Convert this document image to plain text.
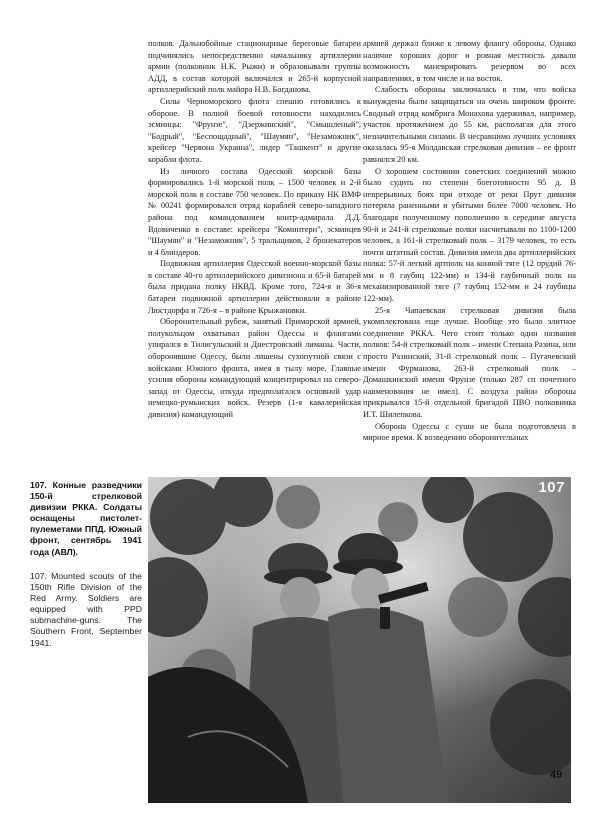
полков. Дальнобойные стационарные береговые батареи подчинялись непосредственно начальнику артиллерии армии (полковник Н.К. Рыжи) и образовывали группы АДД, в состав которой включался и 265-й корпусной артиллерийский полк майора Н.В. Богданова.

Силы Черноморского флота спешно готовились к обороне. В полной боевой готовности находились эсминцы: "Фрунзе", "Дзержинский", "Смышленый", "Бодрый", "Беспощадный", "Шаумян", "Незаможник", крейсер "Червона Украина", лидер "Ташкент" и другие корабли флота.

Из личного состава Одесской морской базы формировались 1-й морской полк – 1500 человек и 2-й морской полк в составе 750 человек. По приказу НК ВМФ № 00241 формировался отряд кораблей северо-западного района под командованием контр-адмирала Д.Д. Вдовиченко в составе: крейсера "Коминтерн", эсминцев "Шаумян" и "Незаможник", 5 тральщиков, 2 бронекатеров и 4 блиндеров.

Подвижная артиллерия Одесской военно-морской базы в составе 40-го артиллерийского дивизиона и 65-й батарей была придана полку НКВД. Кроме того, 724-я и 36-я батареи подвижной артиллерии действовали в районе Люстдорфа и 726-я – в районе Крыжановки.

Оборонительный рубеж, занятый Приморской армией, полукольцом охватывал район Одессы и флангами упирался в Тилигульский и Днестровский лиманы. Части, оборонявшие Одессу, были лишены сухопутной связи с войсками Южного фронта, имея в тылу море. Главные усилия обороны командующий концентрировал на северо-запад от Одессы, откуда предполагался основной удар немецко-румынских войск. Резерв (1-я кавалерийская дивизия) командующий

армией держал ближе к левому флангу обороны. Однако наличие хороших дорог и ровная местность давали возможность маневрировать резервом во всех направлениях, в том числе и на восток.

Слабость обороны заключалась в том, что войска вынуждены были защищаться на очень широком фронте. Сводный отряд комбрига Монахова удерживал, например, участок протяжением до 55 км, располагая для этого незначительными силами. В несравнимо лучших условиях оказалась 95-я Молдавская стрелковая дивизия – ее фронт равнялся 20 км.

О хорошем состоянии советских соединений можно было судить по степени боеготовности 95 д. В непрерывных боях при отходе от реки Прут дивизия потеряла раненными и убитыми более 7000 человек. Но благодаря полученному пополнению в середине августа 90-й и 241-й стрелковые полки насчитывали по 1100-1200 человек, а 161-й стрелковый полк – 3179 человек, то есть почти штатный состав. Дивизия имела два артиллерийских полка: 57-й легкий артполк на конной тяге (12 орудий 76-мм и 8 гаубиц 122-мм) и 134-й гаубичный полк на механизированной тяге (7 гаубиц 152-мм и 24 гаубицы 122-мм).

25-я Чапаевская стрелковая дивизия была укомплектована еще лучше. Вообще это было элитное соединение РККА. Чего стоит только один названия полков: 54-й стрелковый полк – имени Степана Разина, или просто Разинский, 31-й стрелковый полк – Пугачевский имени Фурманова, 263-й стрелковый полк – Домашкинский имени Фрунзе (только 287 сп почетного наименования не имел). С воздуха район обороны прикрывался 15-й отдельной бригадой ПВО полковника И.Т. Шилепкова.

Оборона Одессы с суши не была подготовлена в мирное время. К возведению оборонительных

107. Конные разведчики 150-й стрелковой дивизии РККА. Солдаты оснащены пистолет-пулеметами ППД. Южный фронт, сентябрь 1941 года (АВЛ).

107. Mounted scouts of the 150th Rifle Division of the Red Army. Soldiers are equipped with PPD submachine-guns. The Southern Front, September 1941.

107
49
